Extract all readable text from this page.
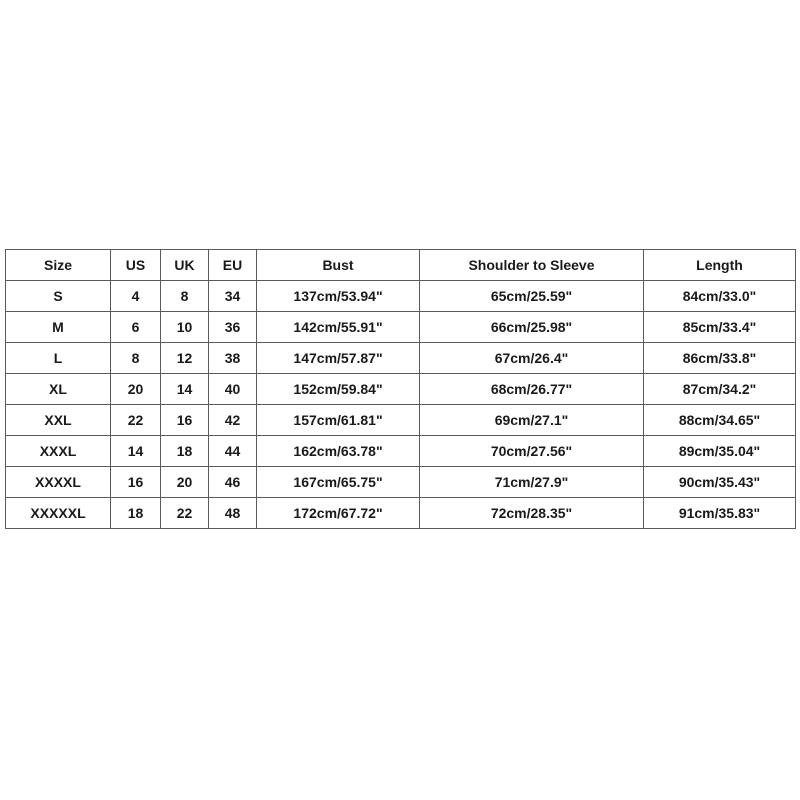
Size	US	UK	EU	Bust	Shoulder to Sleeve	Length
S	4	8	34	137cm/53.94"	65cm/25.59"	84cm/33.0"
M	6	10	36	142cm/55.91"	66cm/25.98"	85cm/33.4"
L	8	12	38	147cm/57.87"	67cm/26.4"	86cm/33.8"
XL	20	14	40	152cm/59.84"	68cm/26.77"	87cm/34.2"
XXL	22	16	42	157cm/61.81"	69cm/27.1"	88cm/34.65"
XXXL	14	18	44	162cm/63.78"	70cm/27.56"	89cm/35.04"
XXXXL	16	20	46	167cm/65.75"	71cm/27.9"	90cm/35.43"
XXXXXL	18	22	48	172cm/67.72"	72cm/28.35"	91cm/35.83"
